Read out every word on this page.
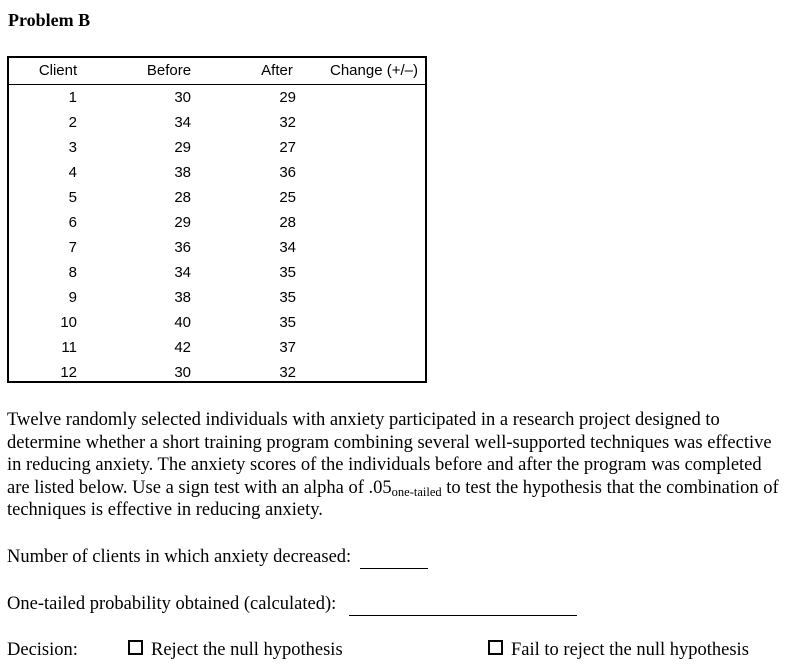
Problem B
Client	Before	After	Change (+/–)
1	30	29
2	34	32
3	29	27
4	38	36
5	28	25
6	29	28
7	36	34
8	34	35
9	38	35
10	40	35
11	42	37
12	30	32
Twelve randomly selected individuals with anxiety participated in a research project designed to determine whether a short training program combining several well-supported techniques was effective in reducing anxiety. The anxiety scores of the individuals before and after the program was completed are listed below. Use a sign test with an alpha of $.05_{one-tailed}$ to test the hypothesis that the combination of techniques is effective in reducing anxiety.
Number of clients in which anxiety decreased:
One-tailed probability obtained (calculated):
Decision:	Reject the null hypothesis	Fail to reject the null hypothesis
